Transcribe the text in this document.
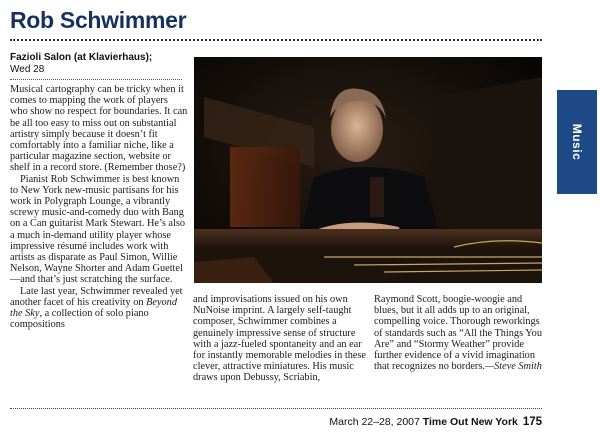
Rob Schwimmer
Fazioli Salon (at Klavierhaus);
Wed 28

Musical cartography can be tricky when it comes to mapping the work of players who show no respect for boundaries. It can be all too easy to miss out on substantial artistry simply because it doesn’t fit comfortably into a familiar niche, like a particular magazine section, website or shelf in a record store. (Remember those?)

Pianist Rob Schwimmer is best known to New York new-music partisans for his work in Polygraph Lounge, a vibrantly screwy music-and-comedy duo with Bang on a Can guitarist Mark Stewart. He’s also a much in-demand utility player whose impressive résumé includes work with artists as disparate as Paul Simon, Willie Nelson, Wayne Shorter and Adam Guettel—and that’s just scratching the surface.

Late last year, Schwimmer revealed yet another facet of his creativity on Beyond the Sky, a collection of solo piano compositions

Music

and improvisations issued on his own NuNoise imprint. A largely self-taught composer, Schwimmer combines a genuinely impressive sense of structure with a jazz-fueled spontaneity and an ear for instantly memorable melodies in these clever, attractive miniatures. His music draws upon Debussy, Scriabin,

Raymond Scott, boogie-woogie and blues, but it all adds up to an original, compelling voice. Thorough reworkings of standards such as “All the Things You Are” and “Stormy Weather” provide further evidence of a vivid imagination that recognizes no borders.—Steve Smith

March 22–28, 2007 Time Out New York 175
